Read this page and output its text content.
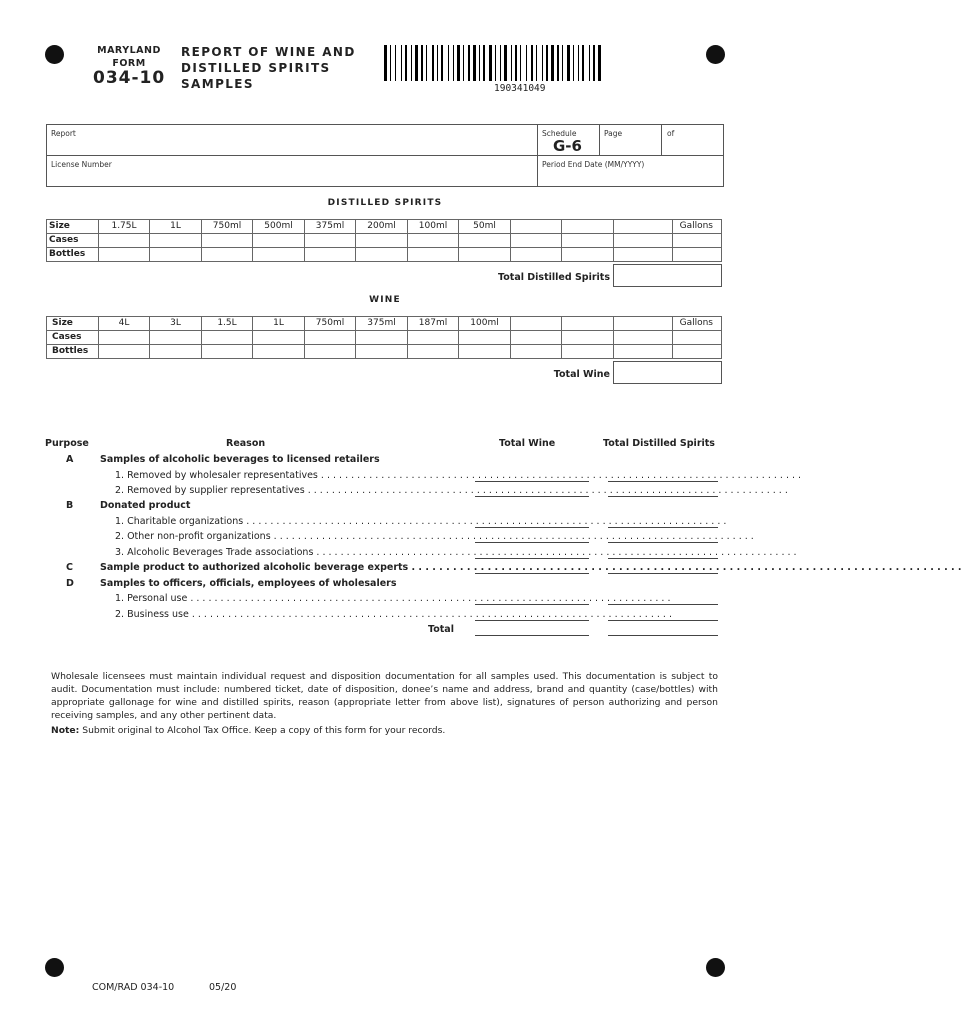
MARYLAND
FORM
034-10
REPORT OF WINE AND
DISTILLED SPIRITS
SAMPLES	190341049
Report	Schedule
G-6
Page	of
License Number	Period End Date (MM/YYYY)
DISTILLED SPIRITS
Size	1.75L	1L	750ml	500ml	375ml	200ml	100ml	50ml				Gallons
Cases												
Bottles												
Total Distilled Spirits
WINE
Size	4L	3L	1.5L	1L	750ml	375ml	187ml	100ml				Gallons
Cases												
Bottles												
Total Wine
Purpose	Reason	Total Wine	Total Distilled Spirits
A	Samples of alcoholic beverages to licensed retailers
1. Removed by wholesaler representatives . . . . . . . . . . . . . . . . . . . . . . . . . . . . . . . . . . . . . . . . . . . . . . . . . . . . . . . . . . . . . . . . . . . . . . . . . . . . . . . .
2. Removed by supplier representatives . . . . . . . . . . . . . . . . . . . . . . . . . . . . . . . . . . . . . . . . . . . . . . . . . . . . . . . . . . . . . . . . . . . . . . . . . . . . . . . .
B	Donated product
1. Charitable organizations . . . . . . . . . . . . . . . . . . . . . . . . . . . . . . . . . . . . . . . . . . . . . . . . . . . . . . . . . . . . . . . . . . . . . . . . . . . . . . . .
2. Other non-profit organizations . . . . . . . . . . . . . . . . . . . . . . . . . . . . . . . . . . . . . . . . . . . . . . . . . . . . . . . . . . . . . . . . . . . . . . . . . . . . . . . .
3. Alcoholic Beverages Trade associations . . . . . . . . . . . . . . . . . . . . . . . . . . . . . . . . . . . . . . . . . . . . . . . . . . . . . . . . . . . . . . . . . . . . . . . . . . . . . . . .
C	Sample product to authorized alcoholic beverage experts . . . . . . . . . . . . . . . . . . . . . . . . . . . . . . . . . . . . . . . . . . . . . . . . . . . . . . . . . . . . . . . . . . . . . . . . . . . . . . . .
D	Samples to officers, officials, employees of wholesalers
1. Personal use . . . . . . . . . . . . . . . . . . . . . . . . . . . . . . . . . . . . . . . . . . . . . . . . . . . . . . . . . . . . . . . . . . . . . . . . . . . . . . . .
2. Business use . . . . . . . . . . . . . . . . . . . . . . . . . . . . . . . . . . . . . . . . . . . . . . . . . . . . . . . . . . . . . . . . . . . . . . . . . . . . . . . .
Total
Wholesale licensees must maintain individual request and disposition documentation for all samples used. This documentation is subject to audit. Documentation must include: numbered ticket, date of disposition, donee’s name and address, brand and quantity (case/bottles) with appropriate gallonage for wine and distilled spirits, reason (appropriate letter from above list), signatures of person authorizing and person receiving samples, and any other pertinent data.
Note: Submit original to Alcohol Tax Office. Keep a copy of this form for your records.
COM/RAD 034-10	05/20
